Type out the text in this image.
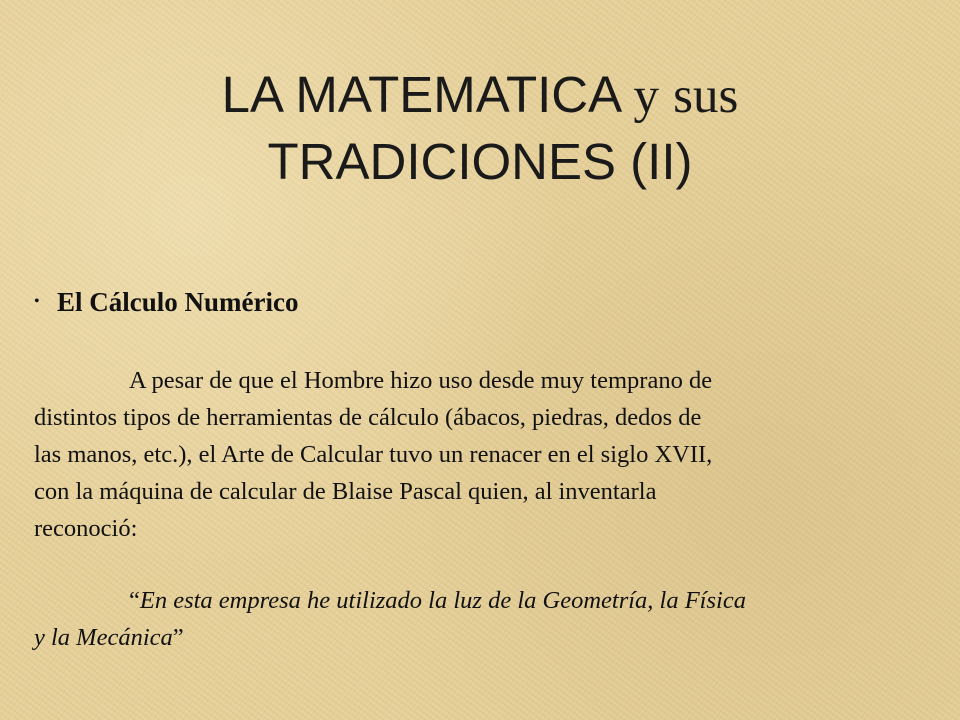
LA MATEMATICA y sus
TRADICIONES (II)
• El Cálculo Numérico
A pesar de que el Hombre hizo uso desde muy temprano de
distintos tipos de herramientas de cálculo (ábacos, piedras, dedos de
las manos, etc.), el Arte de Calcular tuvo un renacer en el siglo XVII,
con la máquina de calcular de Blaise Pascal quien, al inventarla
reconoció:
“En esta empresa he utilizado la luz de la Geometría, la Física
y la Mecánica”
